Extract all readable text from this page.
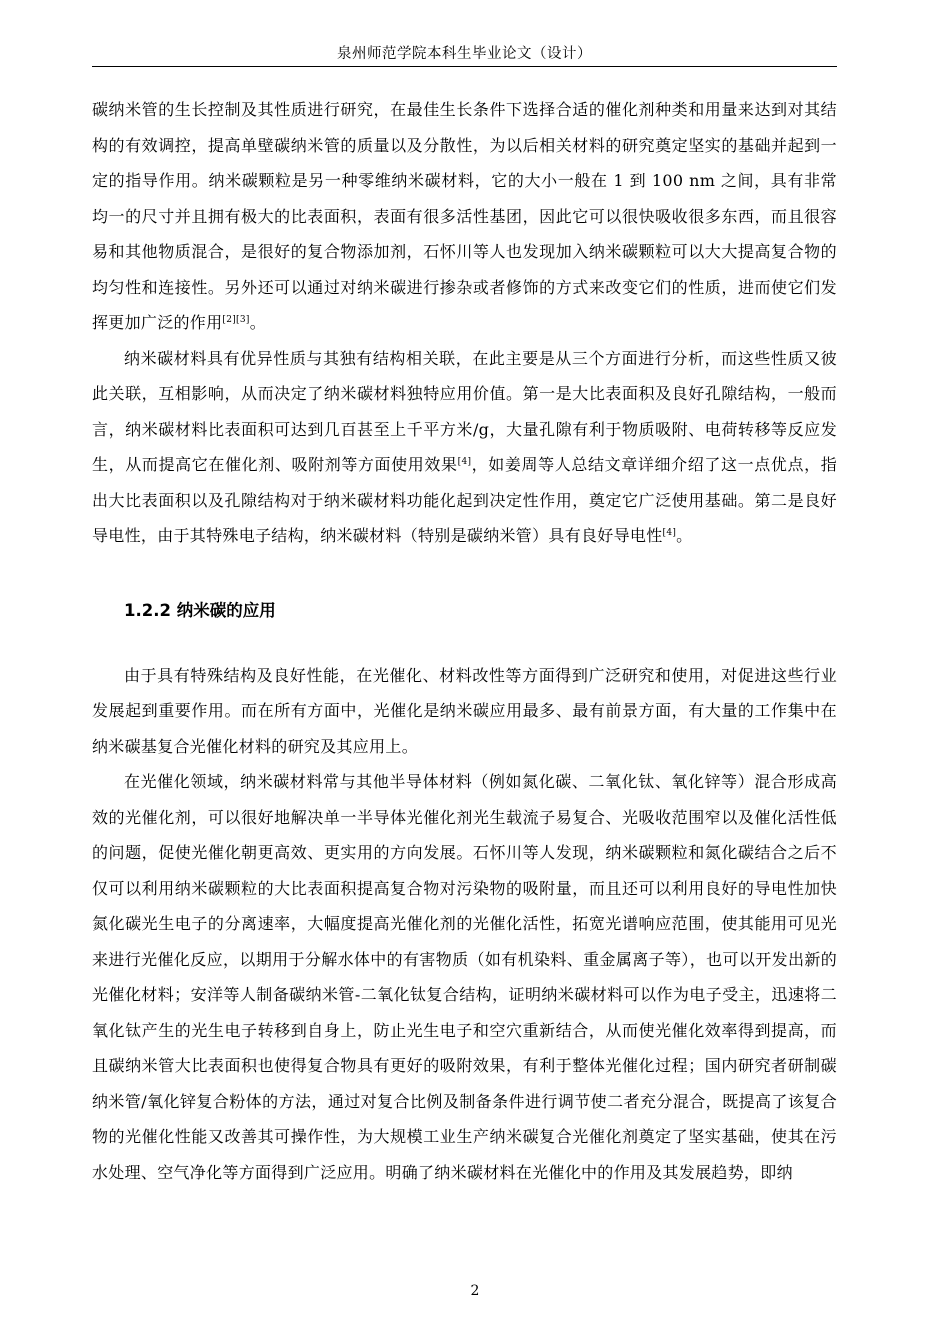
泉州师范学院本科生毕业论文（设计）

碳纳米管的生长控制及其性质进行研究，在最佳生长条件下选择合适的催化剂种类和用量来达到对其结构的有效调控，提高单壁碳纳米管的质量以及分散性，为以后相关材料的研究奠定坚实的基础并起到一定的指导作用。纳米碳颗粒是另一种零维纳米碳材料，它的大小一般在 1 到 100 nm 之间，具有非常均一的尺寸并且拥有极大的比表面积，表面有很多活性基团，因此它可以很快吸收很多东西，而且很容易和其他物质混合，是很好的复合物添加剂，石怀川等人也发现加入纳米碳颗粒可以大大提高复合物的均匀性和连接性。另外还可以通过对纳米碳进行掺杂或者修饰的方式来改变它们的性质，进而使它们发挥更加广泛的作用[2][3]。

纳米碳材料具有优异性质与其独有结构相关联，在此主要是从三个方面进行分析，而这些性质又彼此关联，互相影响，从而决定了纳米碳材料独特应用价值。第一是大比表面积及良好孔隙结构，一般而言，纳米碳材料比表面积可达到几百甚至上千平方米/g，大量孔隙有利于物质吸附、电荷转移等反应发生，从而提高它在催化剂、吸附剂等方面使用效果[4]，如姜周等人总结文章详细介绍了这一点优点，指出大比表面积以及孔隙结构对于纳米碳材料功能化起到决定性作用，奠定它广泛使用基础。第二是良好导电性，由于其特殊电子结构，纳米碳材料（特别是碳纳米管）具有良好导电性[4]。

1.2.2 纳米碳的应用

由于具有特殊结构及良好性能，在光催化、材料改性等方面得到广泛研究和使用，对促进这些行业发展起到重要作用。而在所有方面中，光催化是纳米碳应用最多、最有前景方面，有大量的工作集中在纳米碳基复合光催化材料的研究及其应用上。

在光催化领域，纳米碳材料常与其他半导体材料（例如氮化碳、二氧化钛、氧化锌等）混合形成高效的光催化剂，可以很好地解决单一半导体光催化剂光生载流子易复合、光吸收范围窄以及催化活性低的问题，促使光催化朝更高效、更实用的方向发展。石怀川等人发现，纳米碳颗粒和氮化碳结合之后不仅可以利用纳米碳颗粒的大比表面积提高复合物对污染物的吸附量，而且还可以利用良好的导电性加快氮化碳光生电子的分离速率，大幅度提高光催化剂的光催化活性，拓宽光谱响应范围，使其能用可见光来进行光催化反应，以期用于分解水体中的有害物质（如有机染料、重金属离子等），也可以开发出新的光催化材料；安洋等人制备碳纳米管-二氧化钛复合结构，证明纳米碳材料可以作为电子受主，迅速将二氧化钛产生的光生电子转移到自身上，防止光生电子和空穴重新结合，从而使光催化效率得到提高，而且碳纳米管大比表面积也使得复合物具有更好的吸附效果，有利于整体光催化过程；国内研究者研制碳纳米管/氧化锌复合粉体的方法，通过对复合比例及制备条件进行调节使二者充分混合，既提高了该复合物的光催化性能又改善其可操作性，为大规模工业生产纳米碳复合光催化剂奠定了坚实基础，使其在污水处理、空气净化等方面得到广泛应用。明确了纳米碳材料在光催化中的作用及其发展趋势，即纳

2
